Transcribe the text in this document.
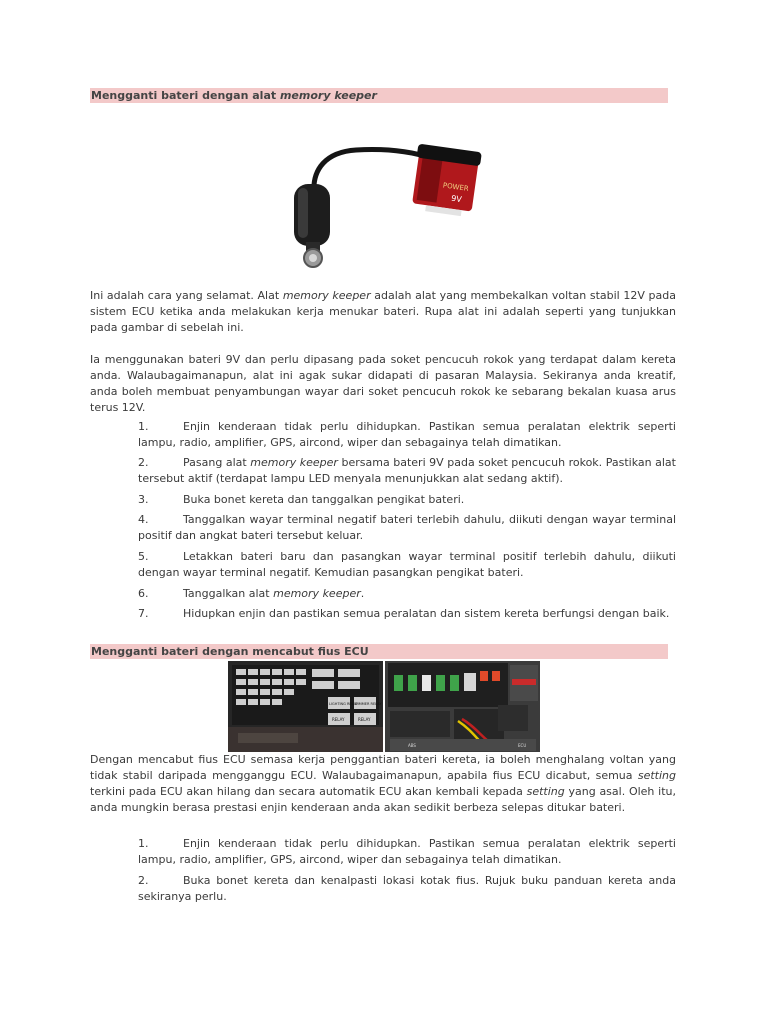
Mengganti bateri dengan alat memory keeper
POWER
9V

Ini adalah cara yang selamat. Alat memory keeper adalah alat yang membekalkan voltan stabil 12V pada sistem ECU ketika anda melakukan kerja menukar bateri. Rupa alat ini adalah seperti yang tunjukkan pada gambar di sebelah ini.

Ia menggunakan bateri 9V dan perlu dipasang pada soket pencucuh rokok yang terdapat dalam kereta anda. Walaubagaimanapun, alat ini agak sukar didapati di pasaran Malaysia. Sekiranya anda kreatif, anda boleh membuat penyambungan wayar dari soket pencucuh rokok ke sebarang bekalan kuasa arus terus 12V.

1.	Enjin kenderaan tidak perlu dihidupkan. Pastikan semua peralatan elektrik seperti lampu, radio, amplifier, GPS, aircond, wiper dan sebagainya telah dimatikan.

2.	Pasang alat memory keeper bersama bateri 9V pada soket pencucuh rokok. Pastikan alat tersebut aktif (terdapat lampu LED menyala menunjukkan alat sedang aktif).

3.	Buka bonet kereta dan tanggalkan pengikat bateri.

4.	Tanggalkan wayar terminal negatif bateri terlebih dahulu, diikuti dengan wayar terminal positif dan angkat bateri tersebut keluar.

5.	Letakkan bateri baru dan pasangkan wayar terminal positif terlebih dahulu, diikuti dengan wayar terminal negatif. Kemudian pasangkan pengikat bateri.

6.	Tanggalkan alat memory keeper.

7.	Hidupkan enjin dan pastikan semua peralatan dan sistem kereta berfungsi dengan baik.

Mengganti bateri dengan mencabut fius ECU
LIGHTING RELAY
DIMMER RELAY
RELAY	RELAY
ABS	ECU

Dengan mencabut fius ECU semasa kerja penggantian bateri kereta, ia boleh menghalang voltan yang tidak stabil daripada mengganggu ECU. Walaubagaimanapun, apabila fius ECU dicabut, semua setting terkini pada ECU akan hilang dan secara automatik ECU akan kembali kepada setting yang asal. Oleh itu, anda mungkin berasa prestasi enjin kenderaan anda akan sedikit berbeza selepas ditukar bateri.

1.	Enjin kenderaan tidak perlu dihidupkan. Pastikan semua peralatan elektrik seperti lampu, radio, amplifier, GPS, aircond, wiper dan sebagainya telah dimatikan.

2.	Buka bonet kereta dan kenalpasti lokasi kotak fius. Rujuk buku panduan kereta anda sekiranya perlu.
